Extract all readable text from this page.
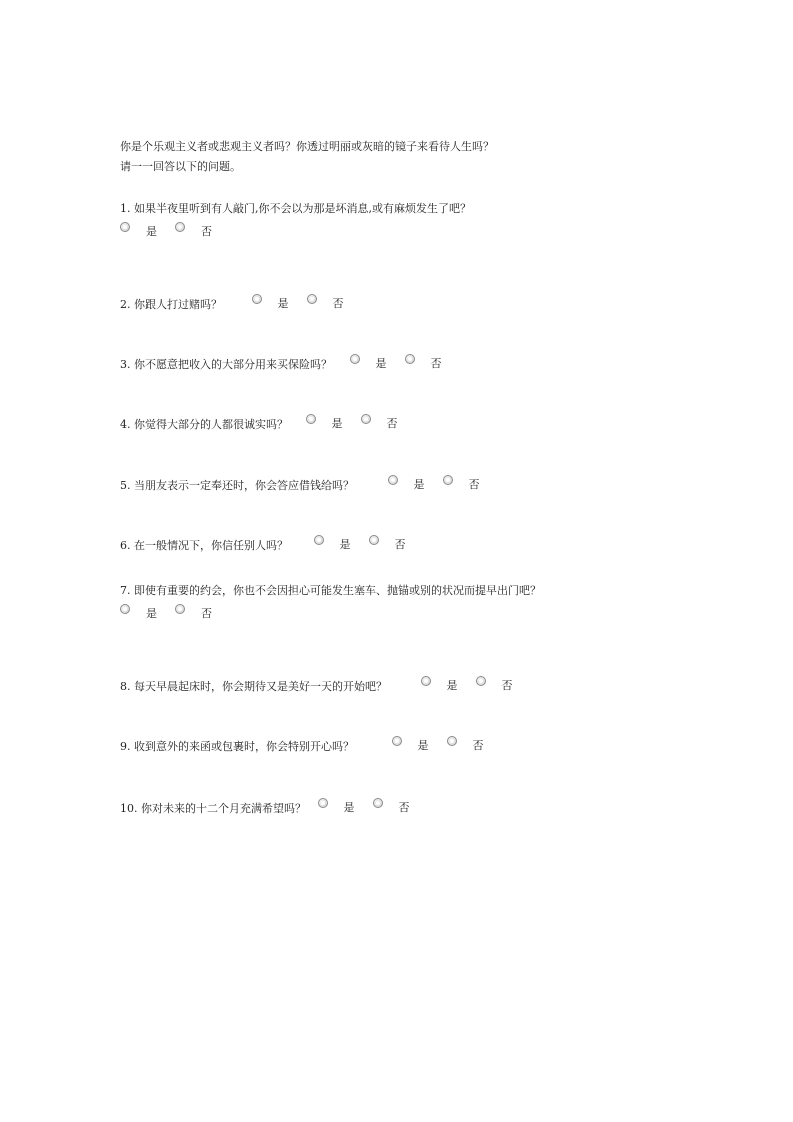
你是个乐观主义者或悲观主义者吗？你透过明丽或灰暗的镜子来看待人生吗？
请一一回答以下的问题。
1. 如果半夜里听到有人敲门,你不会以为那是坏消息,或有麻烦发生了吧？
是	否
2. 你跟人打过赌吗？	是	否
3. 你不愿意把收入的大部分用来买保险吗？	是	否
4. 你觉得大部分的人都很诚实吗？	是	否
5. 当朋友表示一定奉还时，你会答应借钱给吗？	是	否
6. 在一般情况下，你信任别人吗？	是	否
7. 即使有重要的约会，你也不会因担心可能发生塞车、抛锚或别的状况而提早出门吧？
是	否
8. 每天早晨起床时，你会期待又是美好一天的开始吧？	是	否
9. 收到意外的来函或包裹时，你会特别开心吗？	是	否
10. 你对未来的十二个月充满希望吗？	是	否
